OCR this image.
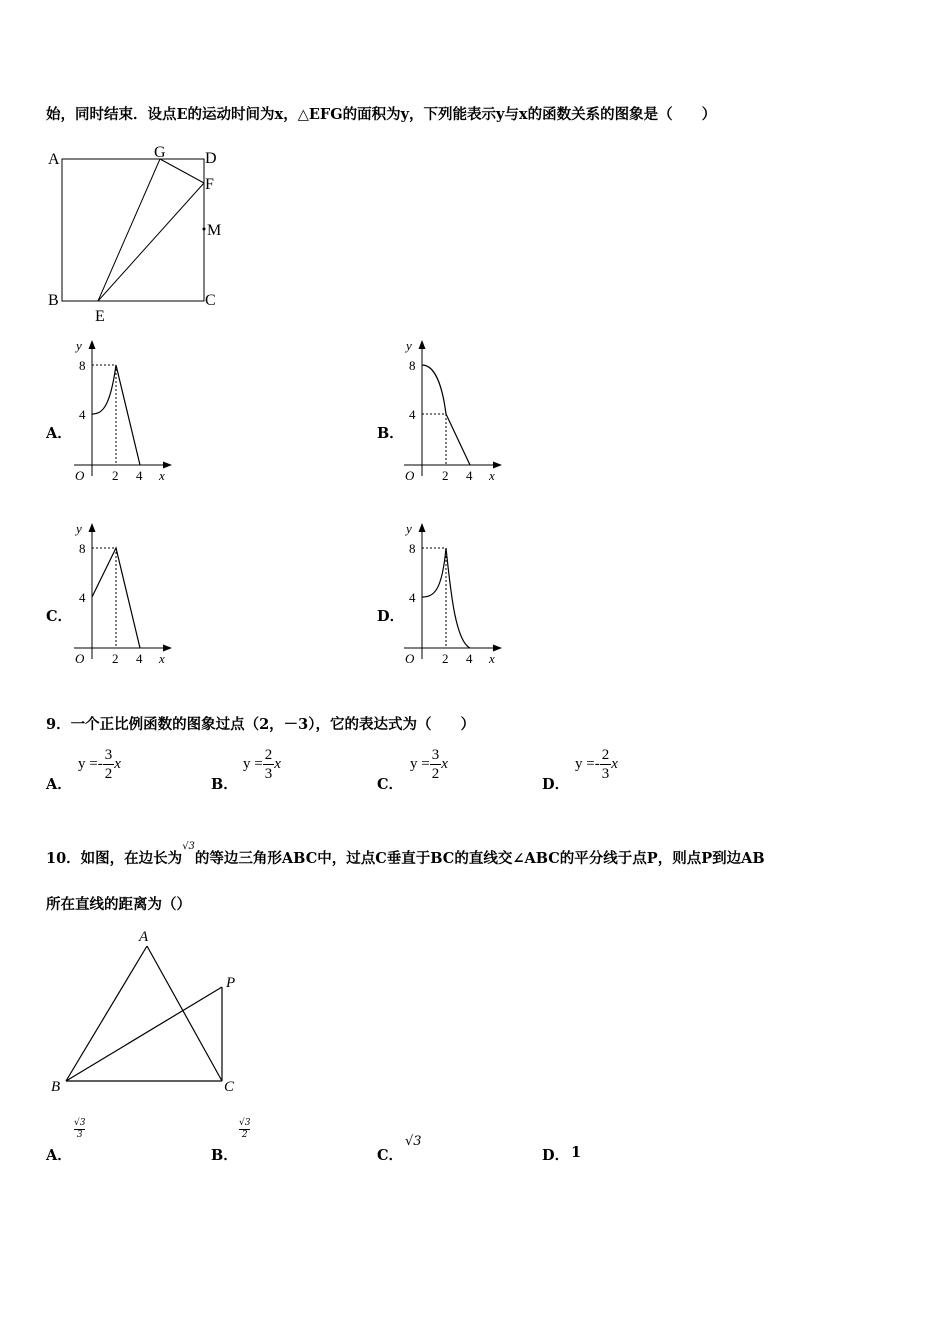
始，同时结束．设点E的运动时间为x，△EFG的面积为y，下列能表示y与x的函数关系的图象是（　　）
A	G D
F
M
B
E
C
A．
y
8
4
O 2 4 x
B．
y
8
4
O 2 4 x
C．
y
8
4
O 2 4 x
D．
y
8
4
O 2 4 x
9．一个正比例函数的图象过点（2，－3），它的表达式为（　　）
A．
$y =- \frac{3}{2}$ x
B．
$y = \frac{2}{3}$ x
C．
$y = \frac{3}{2}$ x
D．
$y =- \frac{2}{3}$ x
10．如图，在边长为$^{√3}$的等边三角形ABC中，过点C垂直于BC的直线交∠ABC的平分线于点P，则点P到边AB
所在直线的距离为（）
A
P
B	C
A．
$\frac{√3}{3}$
B．
$\frac{√3}{2}$
C．
√3
D． 1
